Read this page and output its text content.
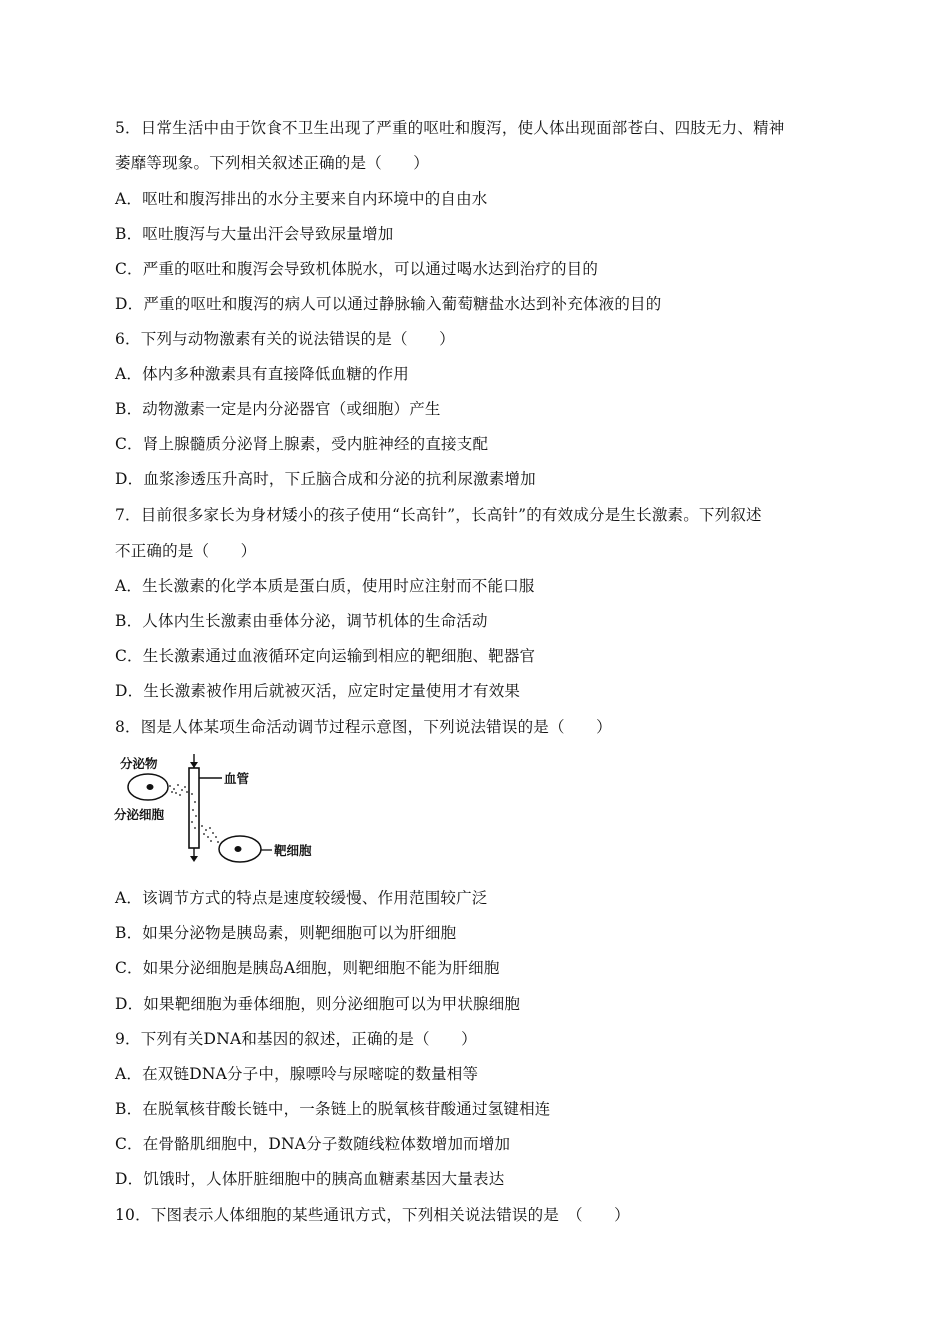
5．日常生活中由于饮食不卫生出现了严重的呕吐和腹泻，使人体出现面部苍白、四肢无力、精神
萎靡等现象。下列相关叙述正确的是（　　）
A．呕吐和腹泻排出的水分主要来自内环境中的自由水
B．呕吐腹泻与大量出汗会导致尿量增加
C．严重的呕吐和腹泻会导致机体脱水，可以通过喝水达到治疗的目的
D．严重的呕吐和腹泻的病人可以通过静脉输入葡萄糖盐水达到补充体液的目的
6．下列与动物激素有关的说法错误的是（　　）
A．体内多种激素具有直接降低血糖的作用
B．动物激素一定是内分泌器官（或细胞）产生
C．肾上腺髓质分泌肾上腺素，受内脏神经的直接支配
D．血浆渗透压升高时，下丘脑合成和分泌的抗利尿激素增加
7．目前很多家长为身材矮小的孩子使用“长高针”，长高针”的有效成分是生长激素。下列叙述
不正确的是（　　）
A．生长激素的化学本质是蛋白质，使用时应注射而不能口服
B．人体内生长激素由垂体分泌，调节机体的生命活动
C．生长激素通过血液循环定向运输到相应的靶细胞、靶器官
D．生长激素被作用后就被灭活，应定时定量使用才有效果
8．图是人体某项生命活动调节过程示意图，下列说法错误的是（　　）
分泌物
血管
分泌细胞
靶细胞
A．该调节方式的特点是速度较缓慢、作用范围较广泛
B．如果分泌物是胰岛素，则靶细胞可以为肝细胞
C．如果分泌细胞是胰岛A细胞，则靶细胞不能为肝细胞
D．如果靶细胞为垂体细胞，则分泌细胞可以为甲状腺细胞
9．下列有关DNA和基因的叙述，正确的是（　　）
A．在双链DNA分子中，腺嘌呤与尿嘧啶的数量相等
B．在脱氧核苷酸长链中，一条链上的脱氧核苷酸通过氢键相连
C．在骨骼肌细胞中，DNA分子数随线粒体数增加而增加
D．饥饿时，人体肝脏细胞中的胰高血糖素基因大量表达
10．下图表示人体细胞的某些通讯方式，下列相关说法错误的是　（　　）
